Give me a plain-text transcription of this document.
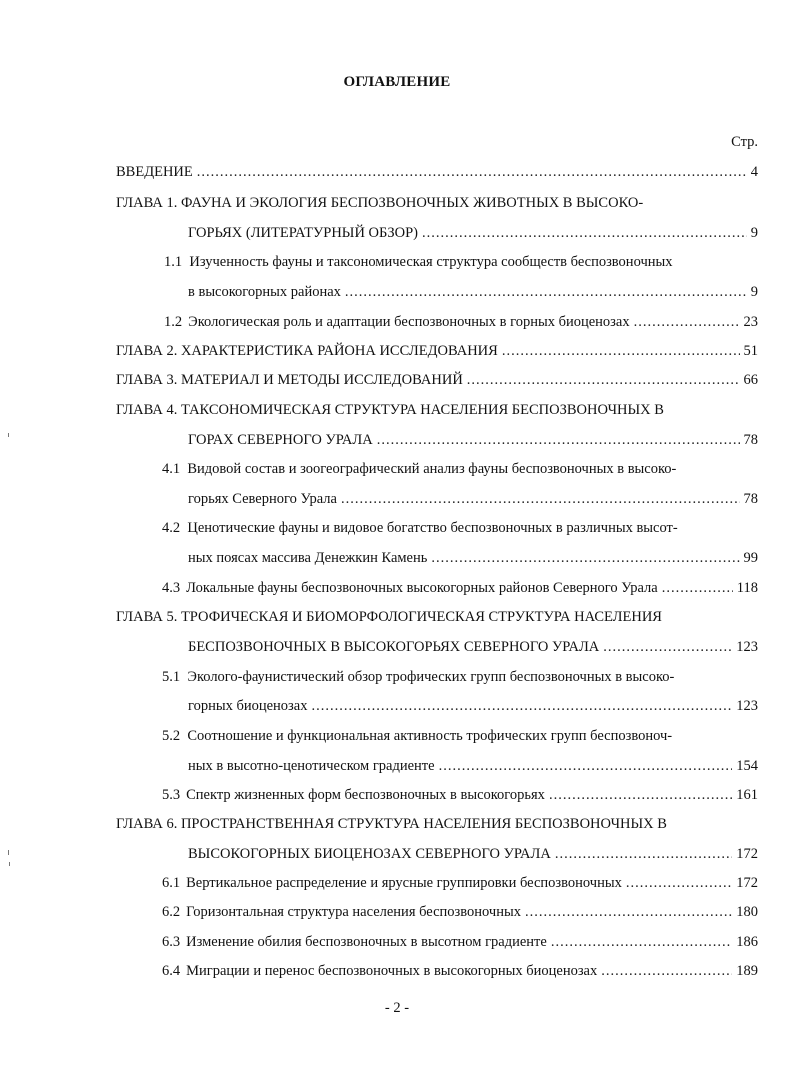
ОГЛАВЛЕНИЕ
Стр.
ВВЕДЕНИЕ .....	4
ГЛАВА 1. ФАУНА И ЭКОЛОГИЯ БЕСПОЗВОНОЧНЫХ ЖИВОТНЫХ В ВЫСОКО-
ГОРЬЯХ (ЛИТЕРАТУРНЫЙ ОБЗОР) .....	9
1.1 Изученность фауны и таксономическая структура сообществ беспозвоночных
в высокогорных районах .....	9
1.2 Экологическая роль и адаптации беспозвоночных в горных биоценозах .....	23
ГЛАВА 2. ХАРАКТЕРИСТИКА РАЙОНА ИССЛЕДОВАНИЯ .....	51
ГЛАВА 3. МАТЕРИАЛ И МЕТОДЫ ИССЛЕДОВАНИЙ .....	66
ГЛАВА 4. ТАКСОНОМИЧЕСКАЯ СТРУКТУРА НАСЕЛЕНИЯ БЕСПОЗВОНОЧНЫХ В
ГОРАХ СЕВЕРНОГО УРАЛА .....	78
4.1 Видовой состав и зоогеографический анализ фауны беспозвоночных в высоко-
горьях Северного Урала .....	78
4.2 Ценотические фауны и видовое богатство беспозвоночных в различных высот-
ных поясах массива Денежкин Камень .....	99
4.3 Локальные фауны беспозвоночных высокогорных районов Северного Урала .....	118
ГЛАВА 5. ТРОФИЧЕСКАЯ И БИОМОРФОЛОГИЧЕСКАЯ СТРУКТУРА НАСЕЛЕНИЯ
БЕСПОЗВОНОЧНЫХ В ВЫСОКОГОРЬЯХ СЕВЕРНОГО УРАЛА .....	123
5.1 Эколого-фаунистический обзор трофических групп беспозвоночных в высоко-
горных биоценозах .....	123
5.2 Соотношение и функциональная активность трофических групп беспозвоноч-
ных в высотно-ценотическом градиенте .....	154
5.3 Спектр жизненных форм беспозвоночных в высокогорьях .....	161
ГЛАВА 6. ПРОСТРАНСТВЕННАЯ СТРУКТУРА НАСЕЛЕНИЯ БЕСПОЗВОНОЧНЫХ В
ВЫСОКОГОРНЫХ БИОЦЕНОЗАХ СЕВЕРНОГО УРАЛА .....	172
6.1 Вертикальное распределение и ярусные группировки беспозвоночных .....	172
6.2 Горизонтальная структура населения беспозвоночных .....	180
6.3 Изменение обилия беспозвоночных в высотном градиенте .....	186
6.4 Миграции и перенос беспозвоночных в высокогорных биоценозах .....	189
- 2 -
